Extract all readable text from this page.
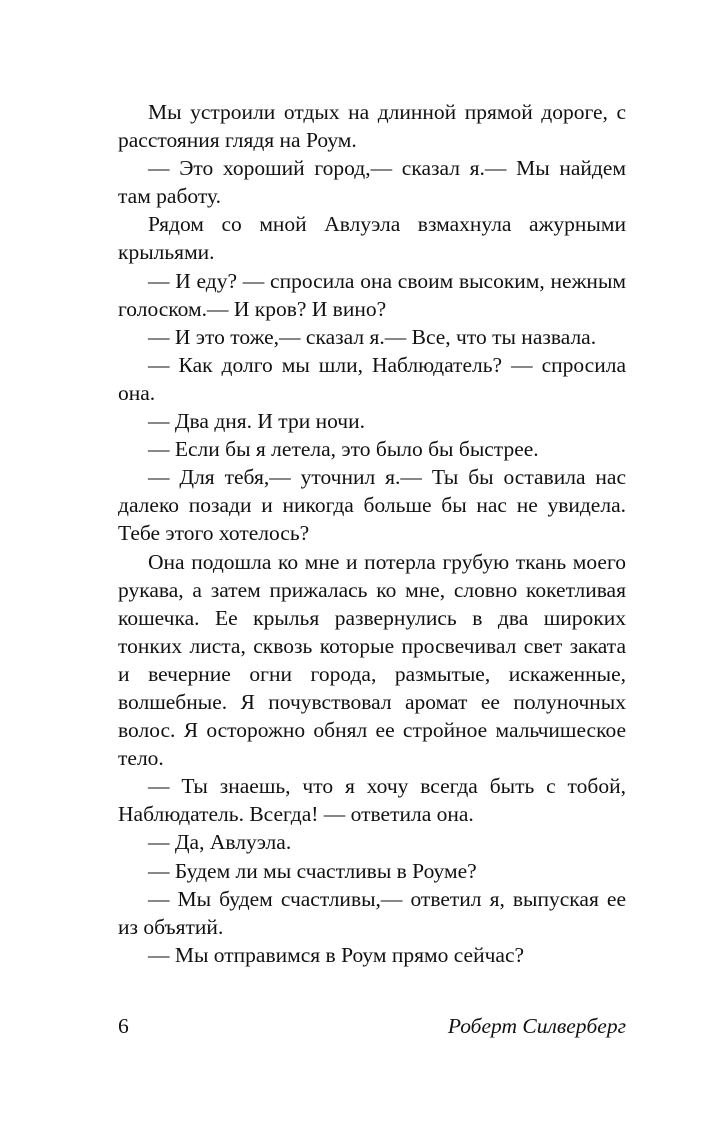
Мы устроили отдых на длинной прямой дороге, с расстояния глядя на Роум.

— Это хороший город,— сказал я.— Мы найдем там работу.

Рядом со мной Авлуэла взмахнула ажурными крыльями.

— И еду? — спросила она своим высоким, нежным голоском.— И кров? И вино?

— И это тоже,— сказал я.— Все, что ты назвала.

— Как долго мы шли, Наблюдатель? — спросила она.

— Два дня. И три ночи.

— Если бы я летела, это было бы быстрее.

— Для тебя,— уточнил я.— Ты бы оставила нас далеко позади и никогда больше бы нас не увидела. Тебе этого хотелось?

Она подошла ко мне и потерла грубую ткань моего рукава, а затем прижалась ко мне, словно кокетливая кошечка. Ее крылья развернулись в два широких тонких листа, сквозь которые просвечивал свет заката и вечерние огни города, размытые, искаженные, волшебные. Я почувствовал аромат ее полуночных волос. Я осторожно обнял ее стройное мальчишеское тело.

— Ты знаешь, что я хочу всегда быть с тобой, Наблюдатель. Всегда! — ответила она.

— Да, Авлуэла.

— Будем ли мы счастливы в Роуме?

— Мы будем счастливы,— ответил я, выпуская ее из объятий.

— Мы отправимся в Роум прямо сейчас?

6	Роберт Силверберг
